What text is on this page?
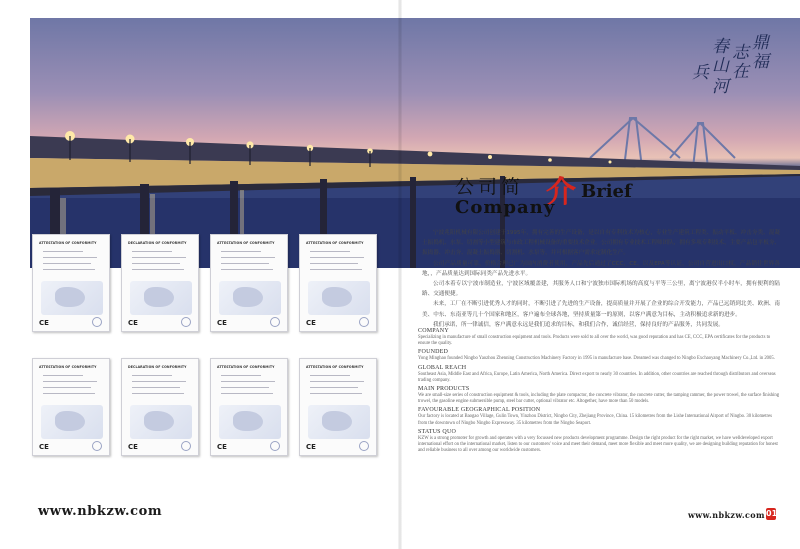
鼎福
志在
春山
河
兵
公司简 介 Brief
Company
ATTESTATION OF CONFORMITY
CE
DECLARATION OF CONFORMITY
CE
ATTESTATION OF CONFORMITY
CE
ATTESTATION OF CONFORMITY
CE
ATTESTATION OF CONFORMITY
CE
DECLARATION OF CONFORMITY
CE
ATTESTATION OF CONFORMITY
CE
ATTESTATION OF CONFORMITY
CE

宁波兆阳机械有限公司创建于1995年，拥有完善的生产设备，是以自有专利技术为核心，专业生产建筑工程类、振动平板、冲击夯类、混凝土振捣机、水泵、切割等小型建筑与市政工程机械设备的重要技术企业。公司拥有专业技术工程师团队，拥有多项专利技术，主要产品包平板夯、振捣器、冲击夯、混凝土振捣器、切割机、水泵等，并可根据客户需求定制化生产。

公司产品质量可靠，价格合理已广为国内消费者使用，产品先后通过了CCC，CE，以及EPA等认证，公司自营进出口权，产品销往世界各地，，产品质量达到国际同类产品先进水平。

公司本着专以宁波市制造业，宁波区域覆盖建，其服务人口和宁波独市国际机场的高度与平等三公里，离宁波港仅半小时车，拥有便利的陆路、交通便捷。

未来，工厂在不断引进优秀人才的同时，不断引进了先进的生产设备，提高质量并开展了企业的综合开发能力，产品已远销到北美、欧洲、南美、中东、东南亚等几十个国家和地区，客户遍布全球各地，坚持质量第一的原则，以客户满意为目标，主动积极追求新的进步。

我们承诺，所一律诚信，客户满意永远是我们追求的目标，和我们合作，诚信经营，保持良好的产品服务，共同发展。

COMPANY
Specializing in manufacture of small construction equipment and tools. Products were sold to all over the world, was good reputation and has CE, CCC, EPA certificates for the products to ensure the quality.
FOUNDED
Yong Minghao founded Ningbo Yaozhou Zhenning Construction Machinery Factory in 1995 in manufacture base. Dreamed was changed to Ningbo Exchaoyang Machinery Co.,Ltd. in 2005.
GLOBAL REACH
Southeast Asia, Middle East and Africa, Europe, Latin America, North America. Direct export to nearly 30 countries. In addition, other countries are reached through distributors and overseas trading company.
MAIN PRODUCTS
We are small-size series of construction equipment & tools, including the plate compactor, the concrete vibrator, the concrete cutter, the tamping rammer, the power trowel, the surface finishing trowel, the gasoline engine submersible pump, steel bar cutter, optional vibrator etc. Altogether, have more than 50 models.
FAVOURABLE GEOGRAPHICAL POSITION
Our factory is located at Baogao Village, Gulin Town, Yinzhou District, Ningbo City, Zhejiang Province, China. 15 kilometres from the Lishe International Airport of Ningbo. 30 kilometres from the downtown of Ningbo Ningbo Expressway. 35 kilometres from the Ningbo Seaport.
STATUS QUO
KZW is a strong promoter for growth and operates with a very focussed new products development programme. Design the right product for the right market, we have welldeveloped export international effort on the international market, listen to our customers' voice and meet their demand, meet more flexible and meet more quality, we are designing building reputation for honest and reliable business to all over among our worldwide customers.
www.nbkzw.com	www.nbkzw.com 01
